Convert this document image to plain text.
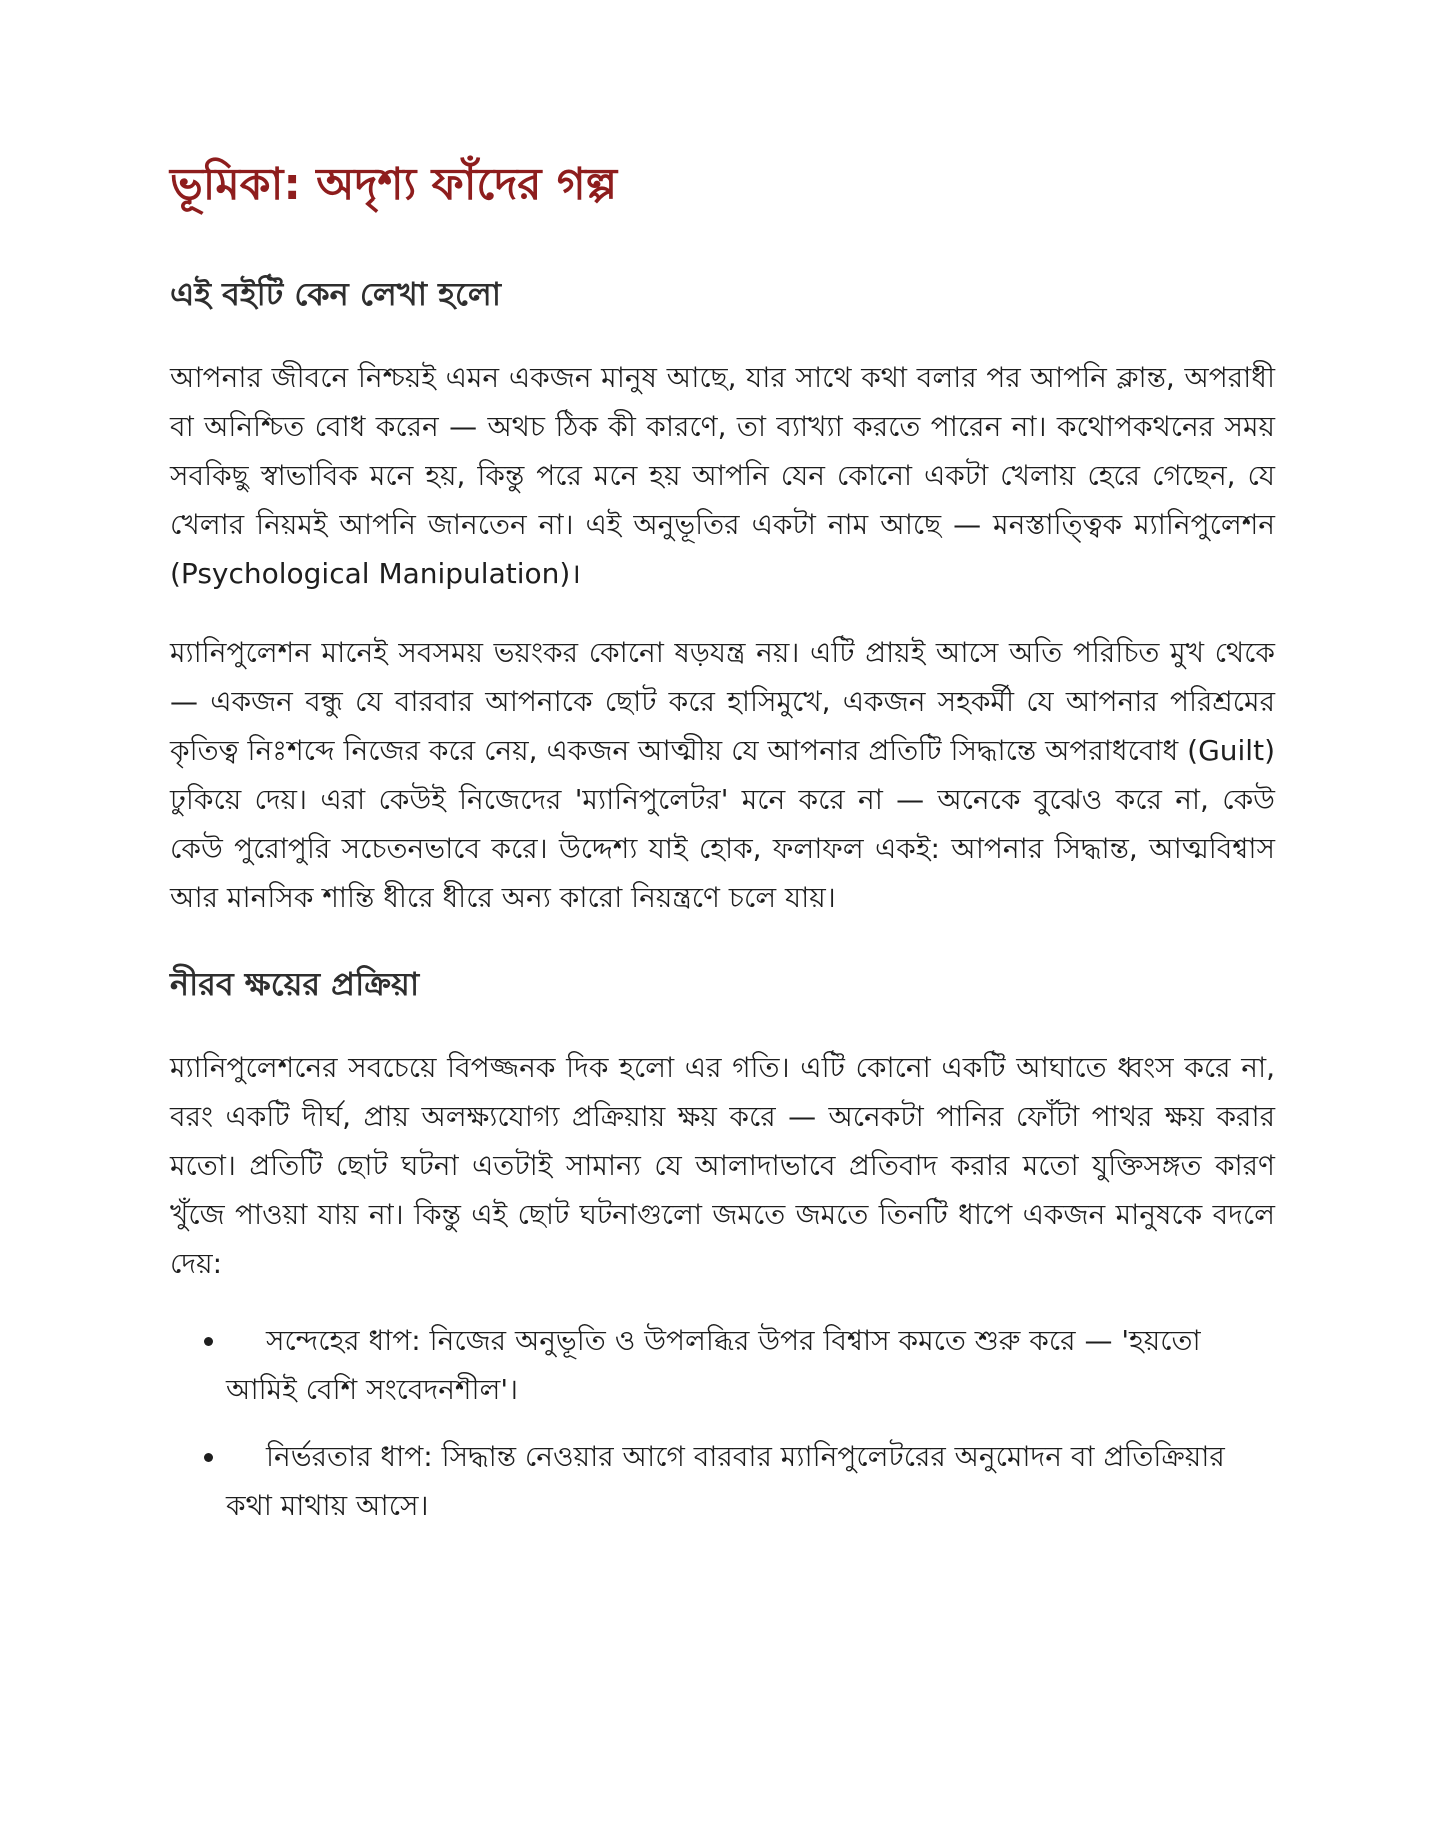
ভূমিকা: অদৃশ্য ফাঁদের গল্প
এই বইটি কেন লেখা হলো

আপনার জীবনে নিশ্চয়ই এমন একজন মানুষ আছে, যার সাথে কথা বলার পর আপনি ক্লান্ত, অপরাধী বা অনিশ্চিত বোধ করেন — অথচ ঠিক কী কারণে, তা ব্যাখ্যা করতে পারেন না। কথোপকথনের সময় সবকিছু স্বাভাবিক মনে হয়, কিন্তু পরে মনে হয় আপনি যেন কোনো একটা খেলায় হেরে গেছেন, যে খেলার নিয়মই আপনি জানতেন না। এই অনুভূতির একটা নাম আছে — মনস্তাত্ত্বিক ম্যানিপুলেশন (Psychological Manipulation)।

ম্যানিপুলেশন মানেই সবসময় ভয়ংকর কোনো ষড়যন্ত্র নয়। এটি প্রায়ই আসে অতি পরিচিত মুখ থেকে — একজন বন্ধু যে বারবার আপনাকে ছোট করে হাসিমুখে, একজন সহকর্মী যে আপনার পরিশ্রমের কৃতিত্ব নিঃশব্দে নিজের করে নেয়, একজন আত্মীয় যে আপনার প্রতিটি সিদ্ধান্তে অপরাধবোধ (Guilt) ঢুকিয়ে দেয়। এরা কেউই নিজেদের 'ম্যানিপুলেটর' মনে করে না — অনেকে বুঝেও করে না, কেউ কেউ পুরোপুরি সচেতনভাবে করে। উদ্দেশ্য যাই হোক, ফলাফল একই: আপনার সিদ্ধান্ত, আত্মবিশ্বাস আর মানসিক শান্তি ধীরে ধীরে অন্য কারো নিয়ন্ত্রণে চলে যায়।

নীরব ক্ষয়ের প্রক্রিয়া

ম্যানিপুলেশনের সবচেয়ে বিপজ্জনক দিক হলো এর গতি। এটি কোনো একটি আঘাতে ধ্বংস করে না, বরং একটি দীর্ঘ, প্রায় অলক্ষ্যযোগ্য প্রক্রিয়ায় ক্ষয় করে — অনেকটা পানির ফোঁটা পাথর ক্ষয় করার মতো। প্রতিটি ছোট ঘটনা এতটাই সামান্য যে আলাদাভাবে প্রতিবাদ করার মতো যুক্তিসঙ্গত কারণ খুঁজে পাওয়া যায় না। কিন্তু এই ছোট ঘটনাগুলো জমতে জমতে তিনটি ধাপে একজন মানুষকে বদলে দেয়:

সন্দেহের ধাপ: নিজের অনুভূতি ও উপলব্ধির উপর বিশ্বাস কমতে শুরু করে — 'হয়তো আমিই বেশি সংবেদনশীল'।
নির্ভরতার ধাপ: সিদ্ধান্ত নেওয়ার আগে বারবার ম্যানিপুলেটরের অনুমোদন বা প্রতিক্রিয়ার কথা মাথায় আসে।
